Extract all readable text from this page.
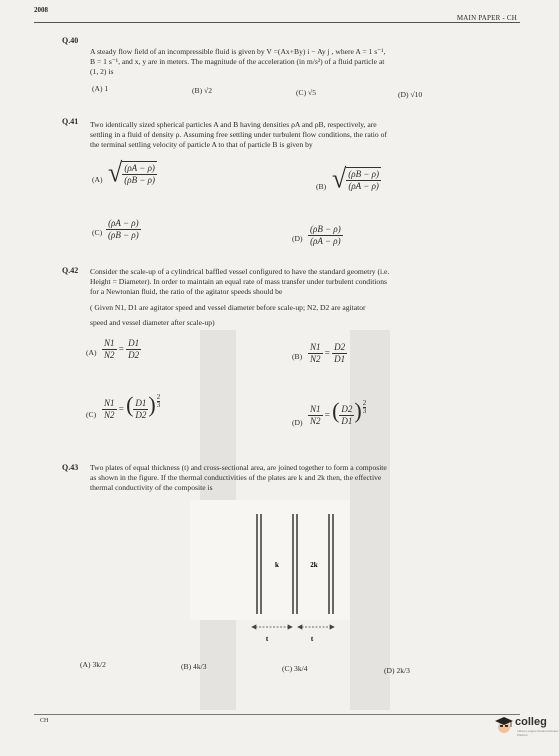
2008
MAIN PAPER - CH
Q.40
A steady flow field of an incompressible fluid is given by V =(Ax+By) i − Ay j , where A = 1 s⁻¹,
B = 1 s⁻¹, and x, y are in meters. The magnitude of the acceleration (in m/s²) of a fluid particle at
(1, 2) is
(A) 1	(B) √2	(C) √5	(D) √10
Q.41 Two identically sized spherical particles A and B having densities ρA and ρB, respectively, are
settling in a fluid of density ρ. Assuming free settling under turbulent flow conditions, the ratio of
the terminal settling velocity of particle A to that of particle B is given by
(A) √ $\frac{(\rho A - \rho)}{(\rho B - \rho)}$
(B) √ $\frac{(\rho B - \rho)}{(\rho A - \rho)}$
$(C) \frac{(\rho A - \rho)}{(\rho B - \rho)}$	$(D) \frac{(\rho B - \rho)}{(\rho A - \rho)}$
Q.42 Consider the scale-up of a cylindrical baffled vessel configured to have the standard geometry (i.e.
Height = Diameter). In order to maintain an equal rate of mass transfer under turbulent conditions
for a Newtonian fluid, the ratio of the agitator speeds should be
( Given N1, D1 are agitator speed and vessel diameter before scale-up; N2, D2 are agitator
speed and vessel diameter after scale-up)
$(A) \frac{N1}{N2} = \frac{D1}{D2}$	$(B) \frac{N1}{N2} = \frac{D2}{D1}$
$(C) \frac{N1}{N2}$ = ( $\frac{D1}{D2}$ ) $\frac{2}{3}$
$(D) \frac{N1}{N2}$ = ( $\frac{D2}{D1}$ ) $\frac{2}{3}$
Q.43 Two plates of equal thickness (t) and cross-sectional area, are joined together to form a composite
as shown in the figure. If the thermal conductivities of the plates are k and 2k then, the effective
thermal conductivity of the composite is
k	2k
t	t
(A) 3k/2	(B) 4k/3	(C) 3k/4	(D) 2k/3
CH	colleg
India's Largest Student Review Platform
